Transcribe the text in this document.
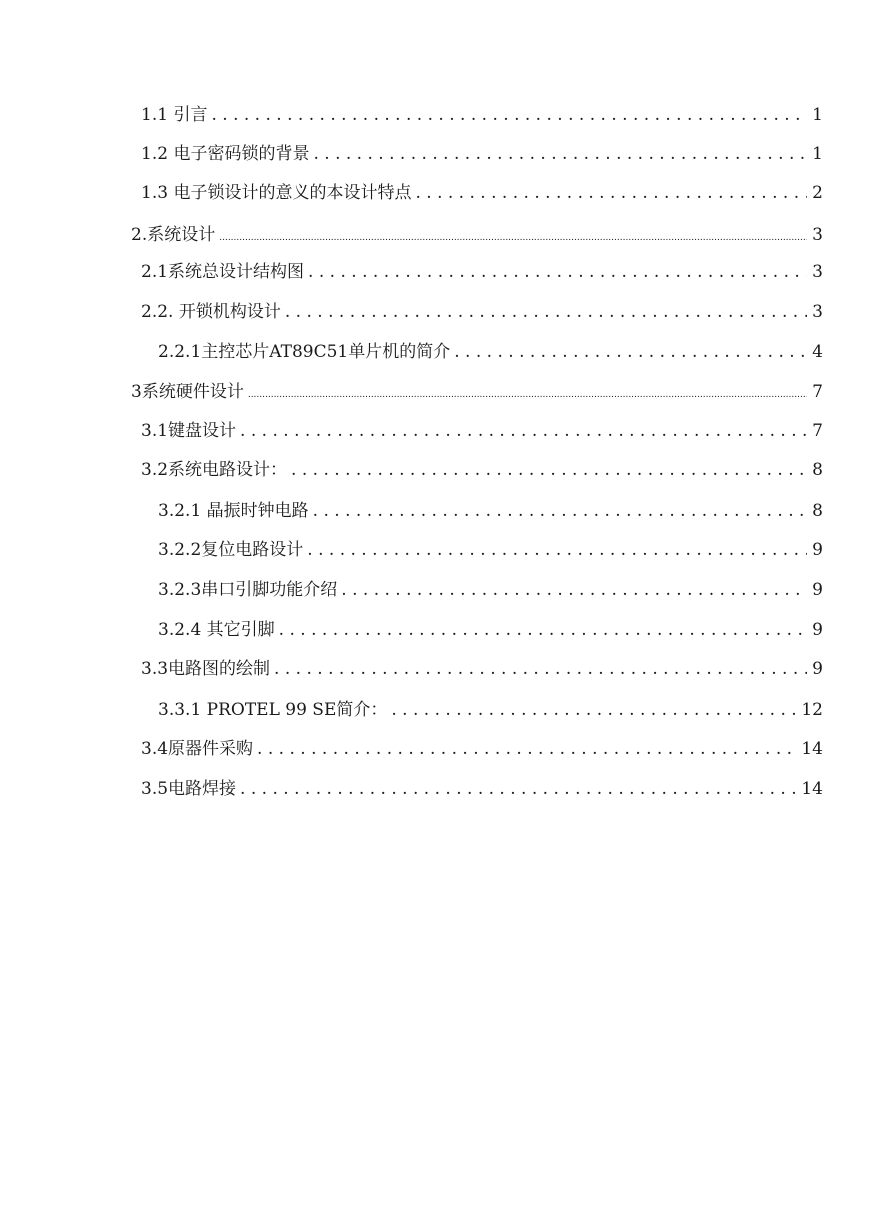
1.1 引言 . . .	1
1.2 电子密码锁的背景 . . .	1
1.3 电子锁设计的意义的本设计特点 . . .	2
2.系统设计 .....	3
2.1系统总设计结构图 . . .	3
2.2. 开锁机构设计 . . .	3
2.2.1主控芯片AT89C51单片机的简介 . . .	4
3系统硬件设计 .....	7
3.1键盘设计 . . .	7
3.2系统电路设计： . . .	8
3.2.1 晶振时钟电路 . . .	8
3.2.2复位电路设计 . . .	9
3.2.3串口引脚功能介绍 . . .	9
3.2.4 其它引脚 . . .	9
3.3电路图的绘制 . . .	9
3.3.1 PROTEL 99 SE简介： . . .	12
3.4原器件采购 . . .	14
3.5电路焊接 . . .	14
